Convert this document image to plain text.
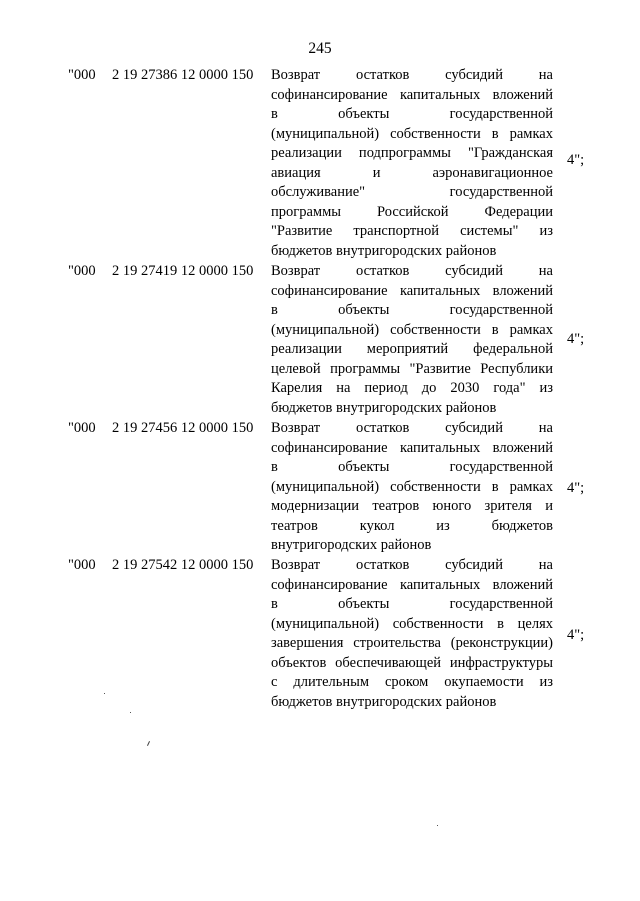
245
"000 2 19 27386 12 0000 150 Возврат остатков субсидий на
софинансирование капитальных вложений
в объекты государственной
(муниципальной) собственности в рамках
реализации подпрограммы "Гражданская
авиация и аэронавигационное
обслуживание" государственной
программы Российской Федерации
"Развитие транспортной системы" из
бюджетов внутригородских районов
4";
"000 2 19 27419 12 0000 150 Возврат остатков субсидий на
софинансирование капитальных вложений
в объекты государственной
(муниципальной) собственности в рамках
реализации мероприятий федеральной
целевой программы "Развитие Республики
Карелия на период до 2030 года" из
бюджетов внутригородских районов
4";
"000 2 19 27456 12 0000 150 Возврат остатков субсидий на
софинансирование капитальных вложений
в объекты государственной
(муниципальной) собственности в рамках
модернизации театров юного зрителя и
театров кукол из бюджетов
внутригородских районов
4";
"000 2 19 27542 12 0000 150 Возврат остатков субсидий на
софинансирование капитальных вложений
в объекты государственной
(муниципальной) собственности в целях
завершения строительства (реконструкции)
объектов обеспечивающей инфраструктуры
с длительным сроком окупаемости из
бюджетов внутригородских районов
4";
